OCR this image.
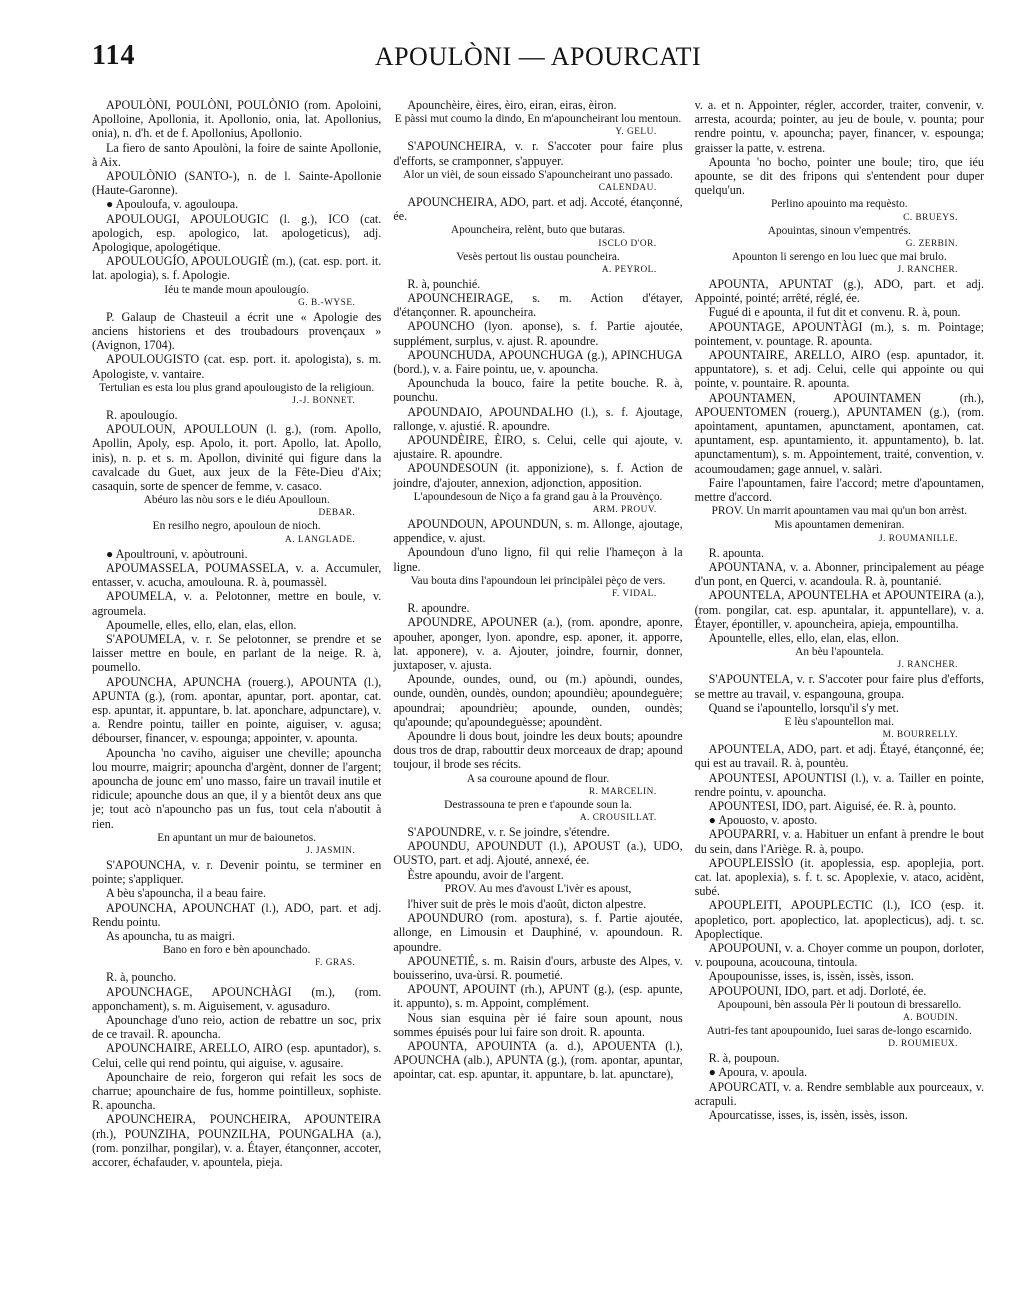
114	APOULÒNI — APOURCATI
APOULÒNI, POULÒNI, POULÒNIO (rom. Apoloini, Apolloine, Apollonia, it. Apollonio, onia, lat. Apollonius, onia), n. d'h. et de f. Apollonius, Apollonio.
La fiero de santo Apoulòni, la foire de sainte Apollonie, à Aix.
APOULÒNIO (SANTO-), n. de l. Sainte-Apollonie (Haute-Garonne).
● Apouloufa, v. agouloupa.
APOULOUGI, APOULOUGIC (l. g.), ICO (cat. apologich, esp. apologico, lat. apologeticus), adj. Apologique, apologétique.
APOULOUGÍO, APOULOUGIÈ (m.), (cat. esp. port. it. lat. apologia), s. f. Apologie.
Iéu te mande moun apoulougío.
G. B.-WYSE.
P. Galaup de Chasteuil a écrit une « Apologie des anciens historiens et des troubadours provençaux » (Avignon, 1704).
APOULOUGISTO (cat. esp. port. it. apologista), s. m. Apologiste, v. vantaire.
Tertulian es esta lou plus grand apoulougisto de la religioun.
J.-J. BONNET.
R. apoulougío.
APOULOUN, APOULLOUN (l. g.), (rom. Apollo, Apollin, Apoly, esp. Apolo, it. port. Apollo, lat. Apollo, inis), n. p. et s. m. Apollon, divinité qui figure dans la cavalcade du Guet, aux jeux de la Fête-Dieu d'Aix; casaquin, sorte de spencer de femme, v. casaco.
Abéuro las nòu sors e le diéu Apoulloun.
DEBAR.
En resilho negro, apouloun de nioch.
A. LANGLADE.
● Apoultrouni, v. apòutrouni.
APOUMASSELA, POUMASSELA, v. a. Accumuler, entasser, v. acucha, amoulouna. R. à, poumassèl.
APOUMELA, v. a. Pelotonner, mettre en boule, v. agroumela.
Apoumelle, elles, ello, elan, elas, ellon.
S'APOUMELA, v. r. Se pelotonner, se prendre et se laisser mettre en boule, en parlant de la neige. R. à, poumello.
APOUNCHA, APUNCHA (rouerg.), APOUNTA (l.), APUNTA (g.), (rom. apontar, apuntar, port. apontar, cat. esp. apuntar, it. appuntare, b. lat. aponchare, adpunctare), v. a. Rendre pointu, tailler en pointe, aiguiser, v. agusa; débourser, financer, v. espounga; appointer, v. apounta.
Apouncha 'no caviho, aiguiser une cheville; apouncha lou mourre, maigrir; apouncha d'argènt, donner de l'argent; apouncha de jounc em' uno masso, faire un travail inutile et ridicule; apounche dous an que, il y a bientôt deux ans que je; tout acò n'apouncho pas un fus, tout cela n'aboutit à rien.
En apuntant un mur de baiounetos.
J. JASMIN.
S'APOUNCHA, v. r. Devenir pointu, se terminer en pointe; s'appliquer.
A bèu s'apouncha, il a beau faire.
APOUNCHA, APOUNCHAT (l.), ADO, part. et adj. Rendu pointu.
As apouncha, tu as maigri.
Bano en foro e bèn apounchado.
F. GRAS.
R. à, pouncho.
APOUNCHAGE, APOUNCHÀGI (m.), (rom. apponchament), s. m. Aiguisement, v. agusaduro.
Apounchage d'uno reio, action de rebattre un soc, prix de ce travail. R. apouncha.
APOUNCHAIRE, ARELLO, AIRO (esp. apuntador), s. Celui, celle qui rend pointu, qui aiguise, v. agusaire.
Apounchaire de reio, forgeron qui refait les socs de charrue; apounchaire de fus, homme pointilleux, sophiste. R. apouncha.
APOUNCHEIRA, POUNCHEIRA, APOUNTEIRA (rh.), POUNZIHA, POUNZILHA, POUNGALHA (a.), (rom. ponzilhar, pongilar), v. a. Étayer, étançonner, accoter, accorer, échafauder, v. apountela, pieja.
Apounchèire, èires, èiro, eiran, eiras, èiron.
E pàssi mut coumo la dindo, En m'apouncheirant lou mentoun.
Y. GELU.
S'APOUNCHEIRA, v. r. S'accoter pour faire plus d'efforts, se cramponner, s'appuyer.
Alor un vièi, de soun eissado S'apouncheirant uno passado.
CALENDAU.
APOUNCHEIRA, ADO, part. et adj. Accoté, étançonné, ée.
Apouncheira, relènt, buto que butaras.
ISCLO D'OR.
Vesès pertout lis oustau pouncheira.
A. PEYROL.
R. à, pounchié.
APOUNCHEIRAGE, s. m. Action d'étayer, d'étançonner. R. apouncheira.
APOUNCHO (lyon. aponse), s. f. Partie ajoutée, supplément, surplus, v. ajust. R. apoundre.
APOUNCHUDA, APOUNCHUGA (g.), APINCHUGA (bord.), v. a. Faire pointu, ue, v. apouncha.
Apounchuda la bouco, faire la petite bouche. R. à, pounchu.
APOUNDAIO, APOUNDALHO (l.), s. f. Ajoutage, rallonge, v. ajustié. R. apoundre.
APOUNDÈIRE, ÈIRO, s. Celui, celle qui ajoute, v. ajustaire. R. apoundre.
APOUNDESOUN (it. apponizione), s. f. Action de joindre, d'ajouter, annexion, adjonction, apposition.
L'apoundesoun de Niço a fa grand gau à la Prouvènço.
ARM. PROUV.
APOUNDOUN, APOUNDUN, s. m. Allonge, ajoutage, appendice, v. ajust.
Apoundoun d'uno ligno, fil qui relie l'hameçon à la ligne.
Vau bouta dins l'apoundoun lei principàlei pèço de vers.
F. VIDAL.
R. apoundre.
APOUNDRE, APOUNER (a.), (rom. apondre, aponre, apouher, aponger, lyon. apondre, esp. aponer, it. apporre, lat. apponere), v. a. Ajouter, joindre, fournir, donner, juxtaposer, v. ajusta.
Apounde, oundes, ound, ou (m.) apòundi, oundes, ounde, oundèn, oundès, oundon; apoundièu; apoundeguère; apoundrai; apoundrièu; apounde, ounden, oundès; qu'apounde; qu'apoundeguèsse; apoundènt.
Apoundre li dous bout, joindre les deux bouts; apoundre dous tros de drap, rabouttir deux morceaux de drap; apound toujour, il brode ses récits.
A sa couroune apound de flour.
R. MARCELIN.
Destrassouna te pren e t'apounde soun la.
A. CROUSILLAT.
S'APOUNDRE, v. r. Se joindre, s'étendre.
APOUNDU, APOUNDUT (l.), APOUST (a.), UDO, OUSTO, part. et adj. Ajouté, annexé, ée.
Èstre apoundu, avoir de l'argent.
PROV. Au mes d'avoust L'ivèr es apoust,
l'hiver suit de près le mois d'août, dicton alpestre.
APOUNDURO (rom. apostura), s. f. Partie ajoutée, allonge, en Limousin et Dauphiné, v. apoundoun. R. apoundre.
APOUNETIÉ, s. m. Raisin d'ours, arbuste des Alpes, v. bouisserino, uva-ùrsi. R. poumetié.
APOUNT, APOUINT (rh.), APUNT (g.), (esp. apunte, it. appunto), s. m. Appoint, complément.
Nous sian esquina pèr ié faire soun apount, nous sommes épuisés pour lui faire son droit. R. apounta.
APOUNTA, APOUINTA (a. d.), APOUENTA (l.), APOUNCHA (alb.), APUNTA (g.), (rom. apontar, apuntar, apointar, cat. esp. apuntar, it. appuntare, b. lat. apunctare),
v. a. et n. Appointer, régler, accorder, traiter, convenir, v. arresta, acourda; pointer, au jeu de boule, v. pounta; pour rendre pointu, v. apouncha; payer, financer, v. espounga; graisser la patte, v. estrena.
Apounta 'no bocho, pointer une boule; tiro, que iéu apounte, se dit des fripons qui s'entendent pour duper quelqu'un.
Perlino apouinto ma requèsto.
C. BRUEYS.
Apouintas, sinoun v'empentrés.
G. ZERBIN.
Apounton li serengo en lou luec que mai brulo.
J. RANCHER.
APOUNTA, APUNTAT (g.), ADO, part. et adj. Appointé, pointé; arrêté, réglé, ée.
Fugué di e apounta, il fut dit et convenu. R. à, poun.
APOUNTAGE, APOUNTÀGI (m.), s. m. Pointage; pointement, v. pountage. R. apounta.
APOUNTAIRE, ARELLO, AIRO (esp. apuntador, it. appuntatore), s. et adj. Celui, celle qui appointe ou qui pointe, v. pountaire. R. apounta.
APOUNTAMEN, APOUINTAMEN (rh.), APOUENTOMEN (rouerg.), APUNTAMEN (g.), (rom. apointament, apuntamen, apunctament, apontamen, cat. apuntament, esp. apuntamiento, it. appuntamento), b. lat. apunctamentum), s. m. Appointement, traité, convention, v. acoumoudamen; gage annuel, v. salàri.
Faire l'apountamen, faire l'accord; metre d'apountamen, mettre d'accord.
PROV. Un marrit apountamen vau mai qu'un bon arrèst.
Mis apountamen demeniran.
J. ROUMANILLE.
R. apounta.
APOUNTANA, v. a. Abonner, principalement au péage d'un pont, en Querci, v. acandoula. R. à, pountanié.
APOUNTELA, APOUNTELHA et APOUNTEIRA (a.), (rom. pongilar, cat. esp. apuntalar, it. appuntellare), v. a. Étayer, épontiller, v. apouncheira, apieja, empountilha.
Apountelle, elles, ello, elan, elas, ellon.
An bèu l'apountela.
J. RANCHER.
S'APOUNTELA, v. r. S'accoter pour faire plus d'efforts, se mettre au travail, v. espangouna, groupa.
Quand se i'apountello, lorsqu'il s'y met.
E lèu s'apountellon mai.
M. BOURRELLY.
APOUNTELA, ADO, part. et adj. Étayé, étançonné, ée; qui est au travail. R. à, pountèu.
APOUNTESI, APOUNTISI (l.), v. a. Tailler en pointe, rendre pointu, v. apouncha.
APOUNTESI, IDO, part. Aiguisé, ée. R. à, pounto.
● Apouosto, v. aposto.
APOUPARRI, v. a. Habituer un enfant à prendre le bout du sein, dans l'Ariège. R. à, poupo.
APOUPLEISSÌO (it. apoplessia, esp. apoplejia, port. cat. lat. apoplexia), s. f. t. sc. Apoplexie, v. ataco, acidènt, subé.
APOUPLEITI, APOUPLECTIC (l.), ICO (esp. it. apopletico, port. apoplectico, lat. apoplecticus), adj. t. sc. Apoplectique.
APOUPOUNI, v. a. Choyer comme un poupon, dorloter, v. poupouna, acoucouna, tintoula.
Apoupounisse, isses, is, issèn, issès, isson.
APOUPOUNI, IDO, part. et adj. Dorloté, ée.
Apoupouni, bèn assoula Pèr li poutoun di bressarello.
A. BOUDIN.
Autri-fes tant apoupounido, Iuei saras de-longo escarnido.
D. ROUMIEUX.
R. à, poupoun.
● Apoura, v. apoula.
APOURCATI, v. a. Rendre semblable aux pourceaux, v. acrapuli.
Apourcatisse, isses, is, issèn, issès, isson.
